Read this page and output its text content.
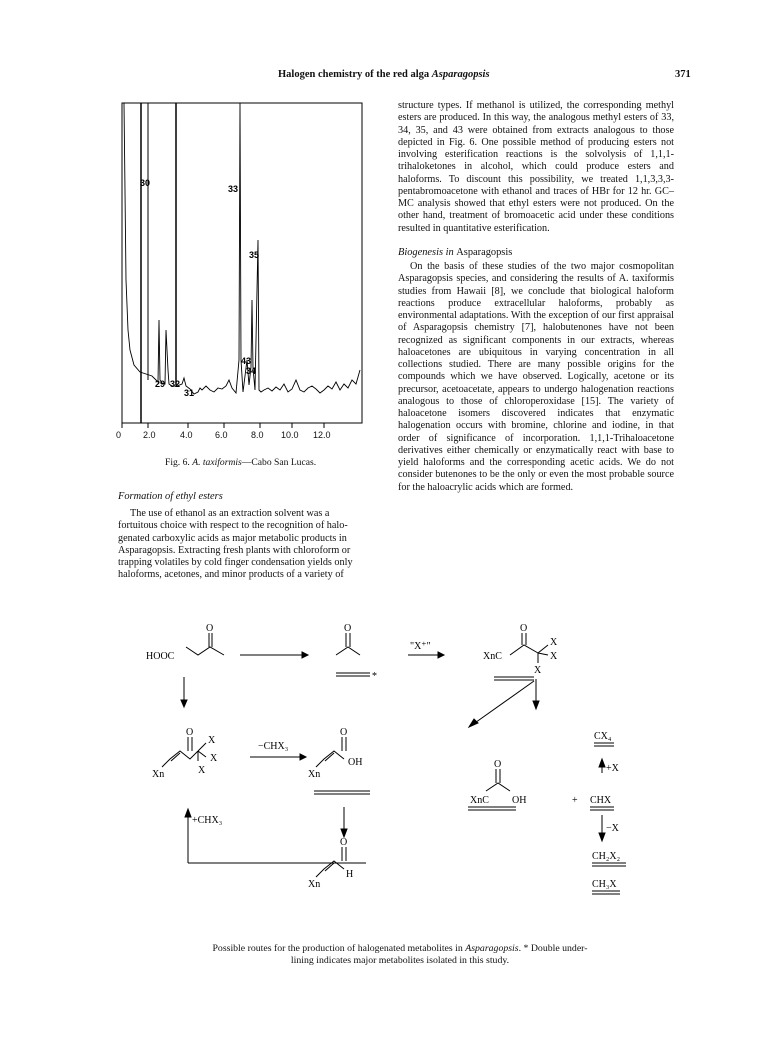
Halogen chemistry of the red alga Asparagopsis	371
30
33
35
43
34
29 32
31
0 2.0	4.0 6.0	8.0 10.0 12.0
Fig. 6. A. taxiformis—Cabo San Lucas.
Formation of ethyl esters
The use of ethanol as an extraction solvent was a
fortuitous choice with respect to the recognition of halo-
genated carboxylic acids as major metabolic products in
Asparagopsis. Extracting fresh plants with chloroform or
trapping volatiles by cold finger condensation yields only
haloforms, acetones, and minor products of a variety of

structure types. If methanol is utilized, the corresponding methyl esters are produced. In this way, the analogous methyl esters of 33, 34, 35, and 43 were obtained from extracts analogous to those depicted in Fig. 6. One possible method of producing esters not involving esterification reactions is the solvolysis of 1,1,1-trihaloketones in alcohol, which could produce esters and haloforms. To discount this possibility, we treated 1,1,3,3,3-pentabromoacetone with ethanol and traces of HBr for 12 hr. GC–MC analysis showed that ethyl esters were not produced. On the other hand, treatment of bromoacetic acid under these conditions resulted in quantitative esterification.

Biogenesis in Asparagopsis

On the basis of these studies of the two major cosmopolitan Asparagopsis species, and considering the results of A. taxiformis studies from Hawaii [8], we conclude that biological haloform reactions produce extracellular haloforms, probably as environmental adaptations. With the exception of our first appraisal of Asparagopsis chemistry [7], halobutenones have not been recognized as significant components in our extracts, whereas haloacetones are ubiquitous in varying concentration in all collections studied. There are many possible origins for the compounds which we have observed. Logically, acetone or its precursor, acetoacetate, appears to undergo halogenation reactions analogous to those of chloroperoxidase [15]. The variety of haloacetone isomers discovered indicates that enzymatic halogenation occurs with bromine, chlorine and iodine, in that order of significance of incorporation. 1,1,1-Trihaloacetone derivatives either chemically or enzymatically react with base to yield haloforms and the corresponding acetic acids. We do not consider butenones to be the only or even the most probable source for the haloacrylic acids which are formed.

HOOC
O	O
*
"X⁺"
O
X
X
X
XnC
O
X
X
X
Xn
−CHX₃
O
OH
Xn
+CHX₃
O
H
Xn
CX₄
+X
O
XnC OH	+ CHX
−X
CH₂X₂
CH₃X
Possible routes for the production of halogenated metabolites in Asparagopsis. * Double under-
lining indicates major metabolites isolated in this study.
